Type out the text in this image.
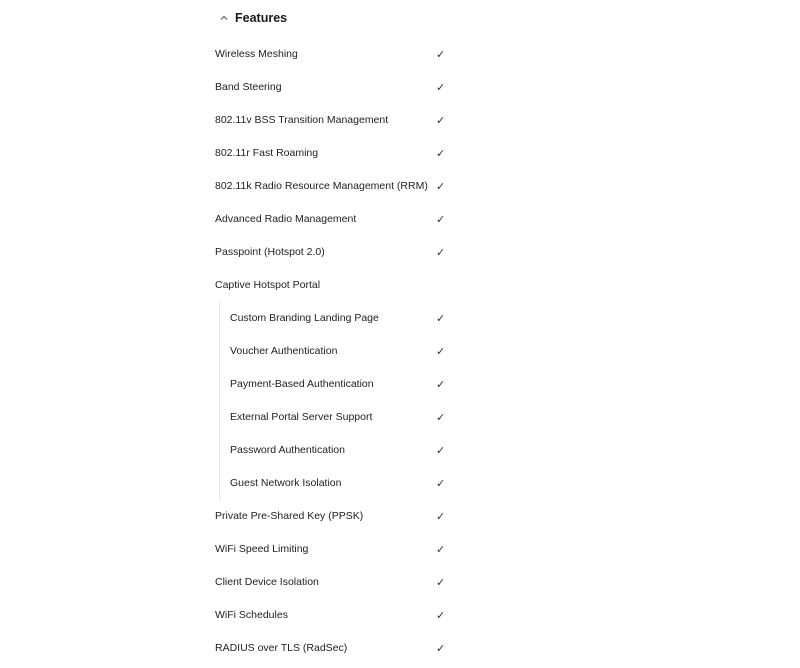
Features
Wireless Meshing	✓
Band Steering	✓
802.11v BSS Transition Management	✓
802.11r Fast Roaming	✓
802.11k Radio Resource Management (RRM) ✓
Advanced Radio Management	✓
Passpoint (Hotspot 2.0)	✓
Captive Hotspot Portal
Custom Branding Landing Page	✓
Voucher Authentication	✓
Payment-Based Authentication	✓
External Portal Server Support	✓
Password Authentication	✓
Guest Network Isolation	✓
Private Pre-Shared Key (PPSK)	✓
WiFi Speed Limiting	✓
Client Device Isolation	✓
WiFi Schedules	✓
RADIUS over TLS (RadSec)	✓
